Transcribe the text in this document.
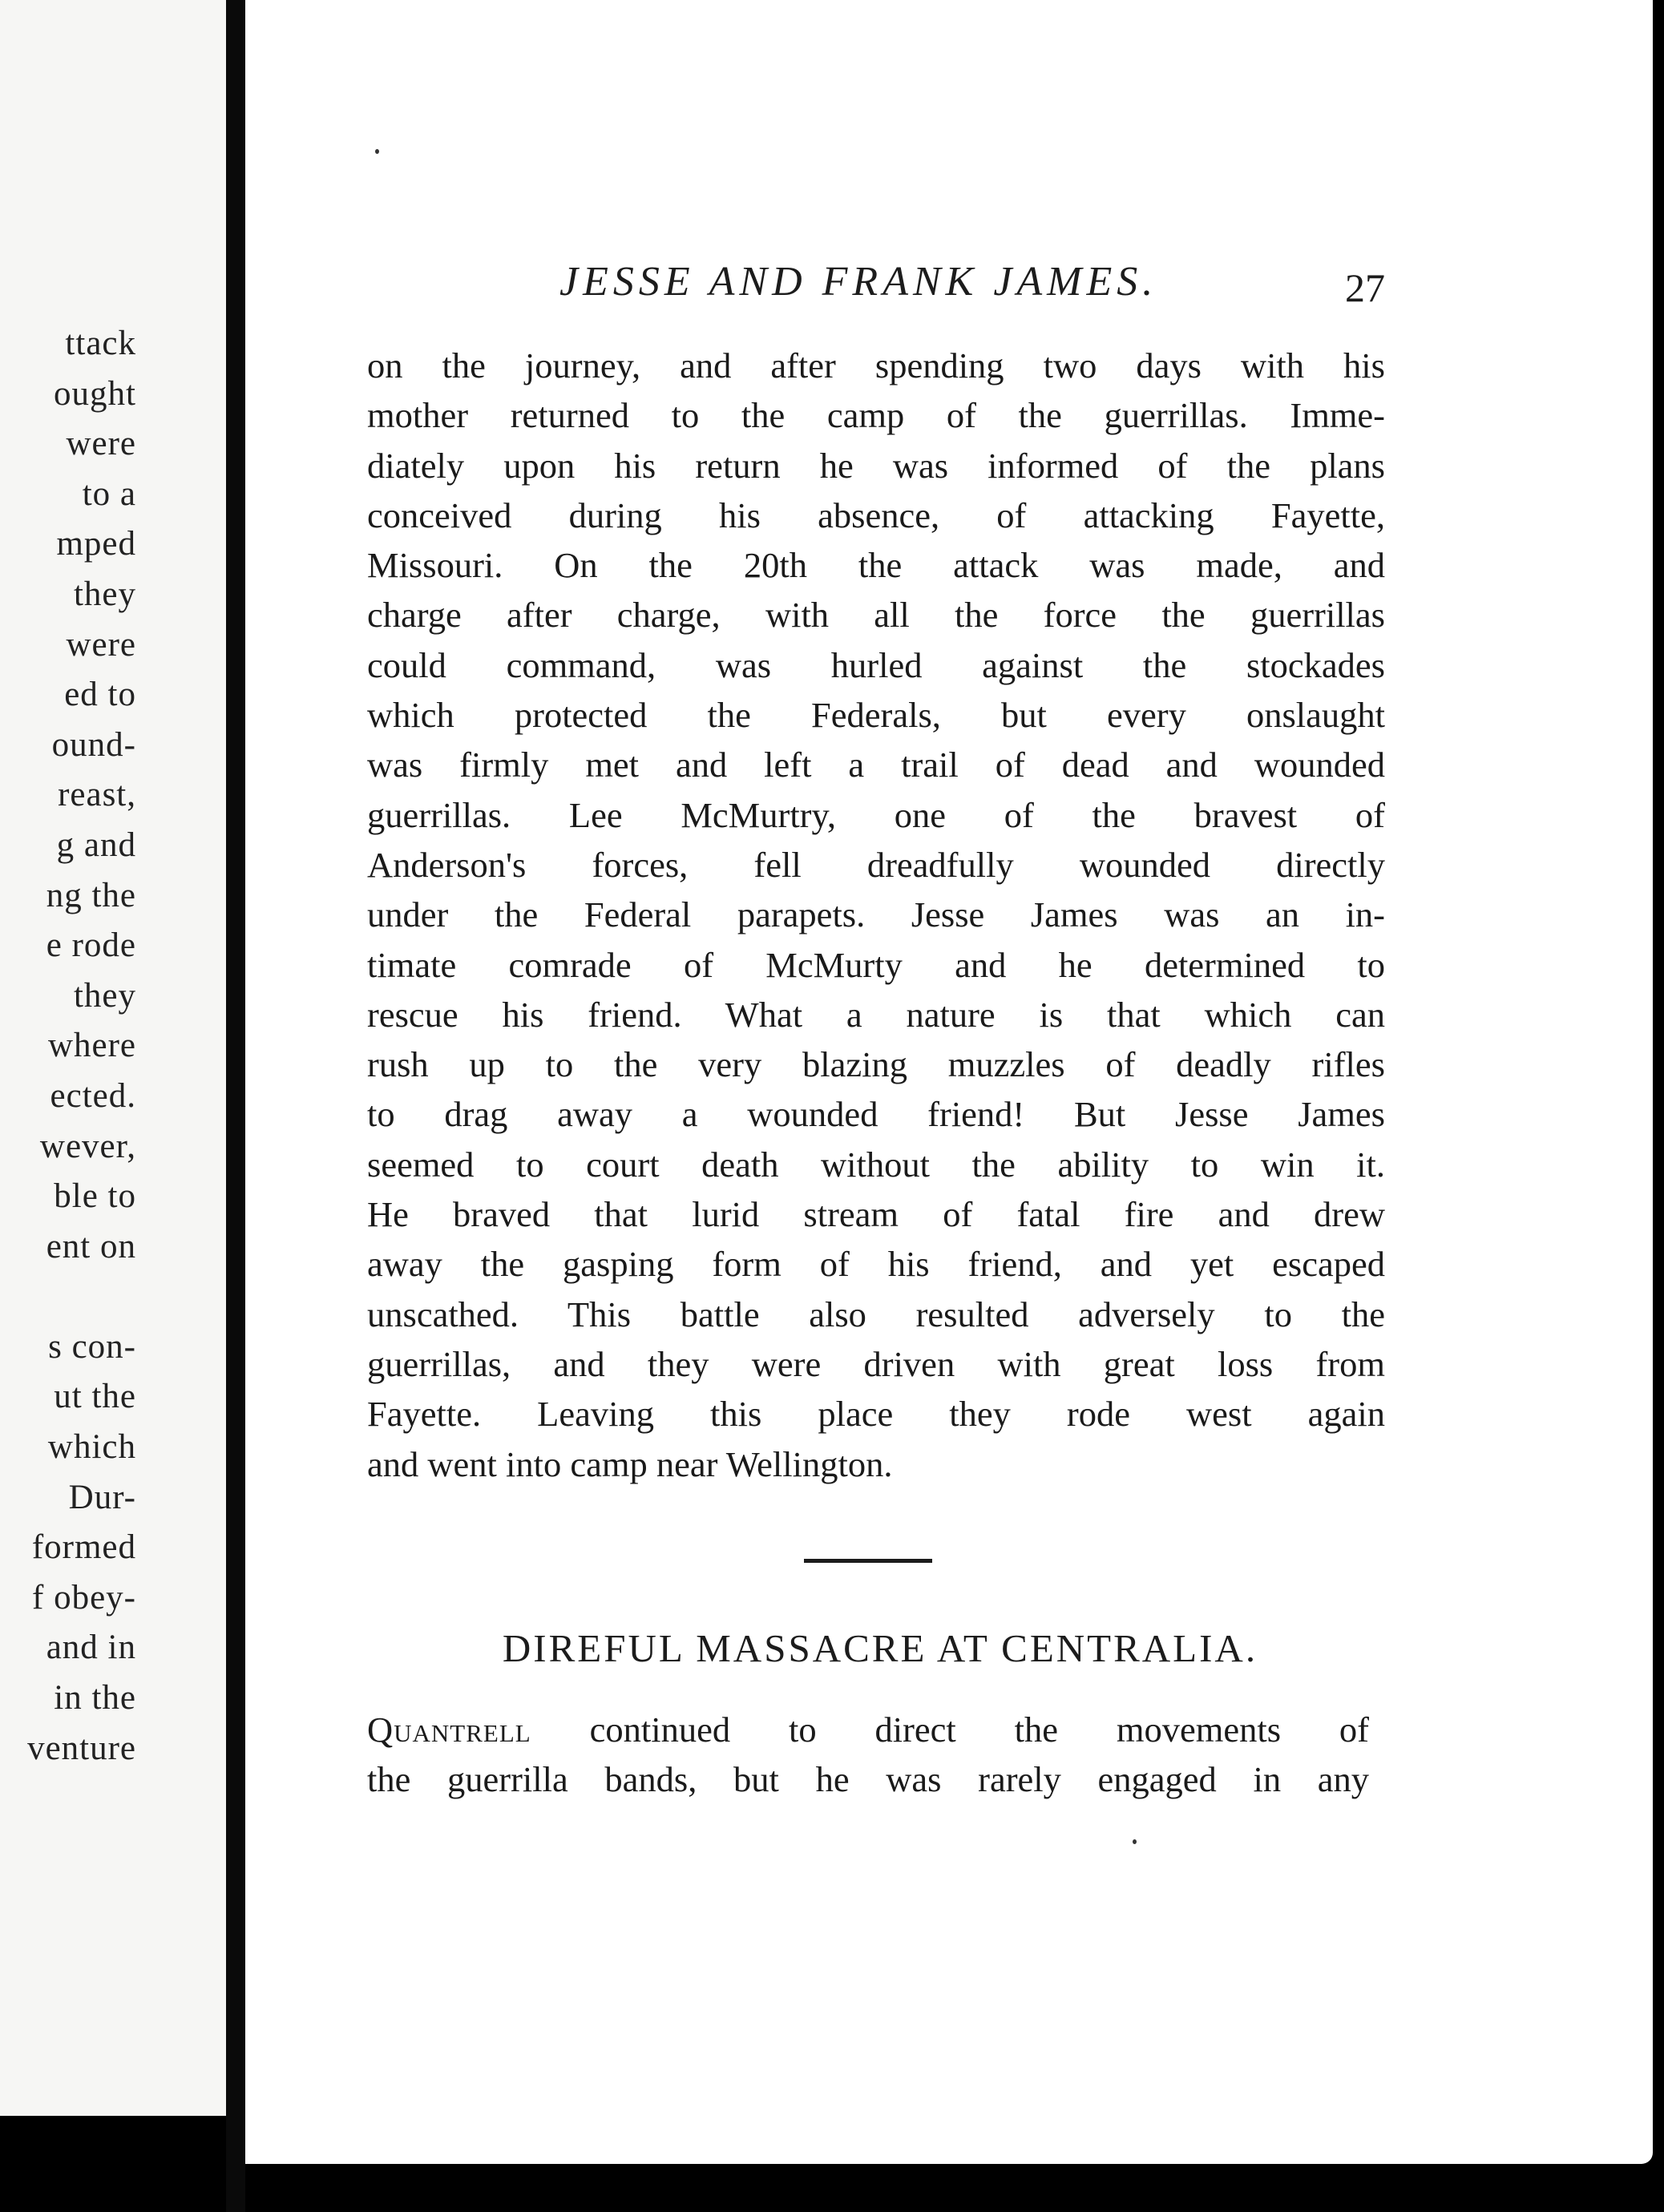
ttack
ought
were
to a
mped
they
were
ed to
ound-
reast,
g and
ng the
e rode
they
where
ected.
wever,
ble to
ent on

s con-
ut the
which
Dur-
formed
f obey-
and in
in the
venture
JESSE AND FRANK JAMES.	27
on the journey, and after spending two days with his
mother returned to the camp of the guerrillas. Imme-
diately upon his return he was informed of the plans
conceived during his absence, of attacking Fayette,
Missouri. On the 20th the attack was made, and
charge after charge, with all the force the guerrillas
could command, was hurled against the stockades
which protected the Federals, but every onslaught
was firmly met and left a trail of dead and wounded
guerrillas. Lee McMurtry, one of the bravest of
Anderson's forces, fell dreadfully wounded directly
under the Federal parapets. Jesse James was an in-
timate comrade of McMurty and he determined to
rescue his friend. What a nature is that which can
rush up to the very blazing muzzles of deadly rifles
to drag away a wounded friend! But Jesse James
seemed to court death without the ability to win it.
He braved that lurid stream of fatal fire and drew
away the gasping form of his friend, and yet escaped
unscathed. This battle also resulted adversely to the
guerrillas, and they were driven with great loss from
Fayette. Leaving this place they rode west again
and went into camp near Wellington.
DIREFUL MASSACRE AT CENTRALIA.
Quantrell continued to direct the movements of
the guerrilla bands, but he was rarely engaged in any
